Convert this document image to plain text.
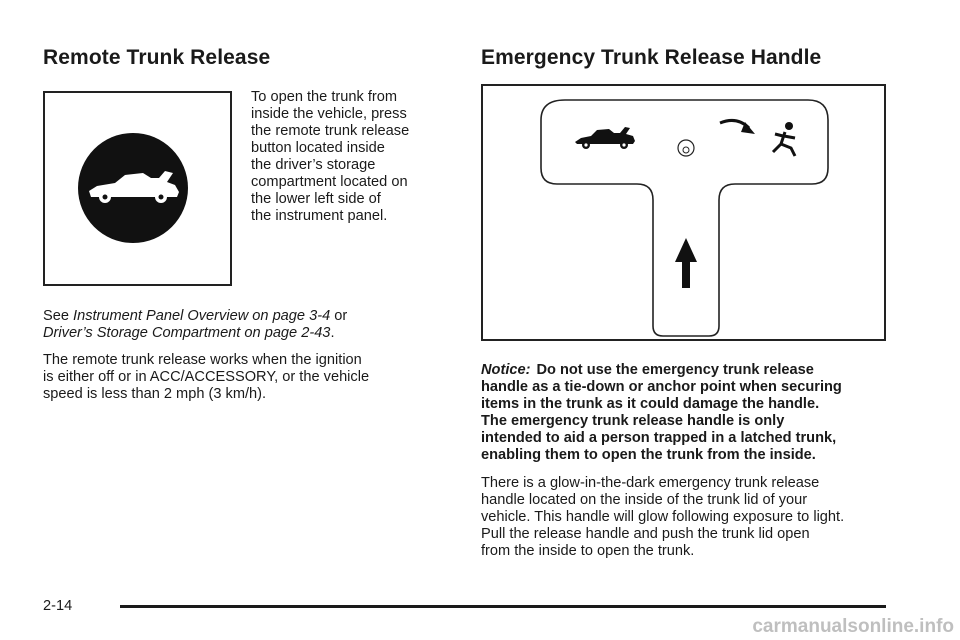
Remote Trunk Release

To open the trunk from

inside the vehicle, press

the remote trunk release

button located inside

the driver’s storage

compartment located on

the lower left side of

the instrument panel.

See Instrument Panel Overview on page 3-4 or

Driver’s Storage Compartment on page 2-43.

The remote trunk release works when the ignition

is either off or in ACC/ACCESSORY, or the vehicle

speed is less than 2 mph (3 km/h).

Emergency Trunk Release Handle

Notice: Do not use the emergency trunk release

handle as a tie-down or anchor point when securing

items in the trunk as it could damage the handle.

The emergency trunk release handle is only

intended to aid a person trapped in a latched trunk,

enabling them to open the trunk from the inside.

There is a glow-in-the-dark emergency trunk release

handle located on the inside of the trunk lid of your

vehicle. This handle will glow following exposure to light.

Pull the release handle and push the trunk lid open

from the inside to open the trunk.

2-14
carmanualsonline.info
